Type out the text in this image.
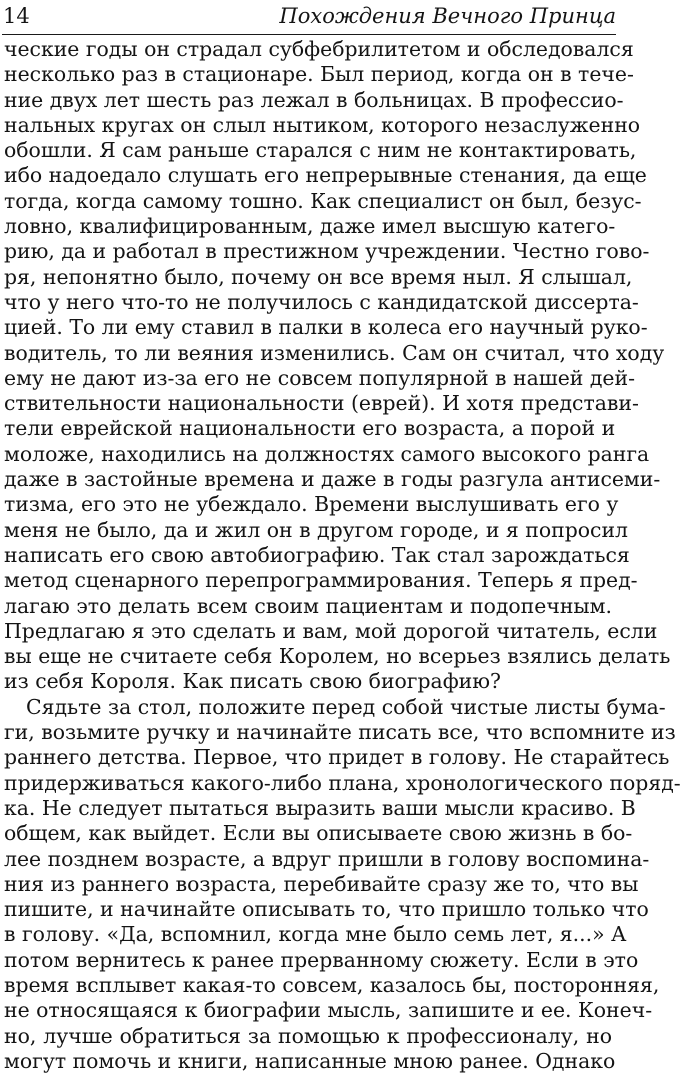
14	Похождения Вечного Принца
ческие годы он страдал субфебрилитетом и обследовался
несколько раз в стационаре. Был период, когда он в тече-
ние двух лет шесть раз лежал в больницах. В профессио-
нальных кругах он слыл нытиком, которого незаслуженно
обошли. Я сам раньше старался с ним не контактировать,
ибо надоедало слушать его непрерывные стенания, да еще
тогда, когда самому тошно. Как специалист он был, безус-
ловно, квалифицированным, даже имел высшую катего-
рию, да и работал в престижном учреждении. Честно гово-
ря, непонятно было, почему он все время ныл. Я слышал,
что у него что-то не получилось с кандидатской диссерта-
цией. То ли ему ставил в палки в колеса его научный руко-
водитель, то ли веяния изменились. Сам он считал, что ходу
ему не дают из-за его не совсем популярной в нашей дей-
ствительности национальности (еврей). И хотя представи-
тели еврейской национальности его возраста, а порой и
моложе, находились на должностях самого высокого ранга
даже в застойные времена и даже в годы разгула антисеми-
тизма, его это не убеждало. Времени выслушивать его у
меня не было, да и жил он в другом городе, и я попросил
написать его свою автобиографию. Так стал зарождаться
метод сценарного перепрограммирования. Теперь я пред-
лагаю это делать всем своим пациентам и подопечным.
Предлагаю я это сделать и вам, мой дорогой читатель, если
вы еще не считаете себя Королем, но всерьез взялись делать
из себя Короля. Как писать свою биографию?
Сядьте за стол, положите перед собой чистые листы бума-
ги, возьмите ручку и начинайте писать все, что вспомните из
раннего детства. Первое, что придет в голову. Не старайтесь
придерживаться какого-либо плана, хронологического поряд-
ка. Не следует пытаться выразить ваши мысли красиво. В
общем, как выйдет. Если вы описываете свою жизнь в бо-
лее позднем возрасте, а вдруг пришли в голову воспомина-
ния из раннего возраста, перебивайте сразу же то, что вы
пишите, и начинайте описывать то, что пришло только что
в голову. «Да, вспомнил, когда мне было семь лет, я...» А
потом вернитесь к ранее прерванному сюжету. Если в это
время всплывет какая-то совсем, казалось бы, посторонняя,
не относящаяся к биографии мысль, запишите и ее. Конеч-
но, лучше обратиться за помощью к профессионалу, но
могут помочь и книги, написанные мною ранее. Однако
